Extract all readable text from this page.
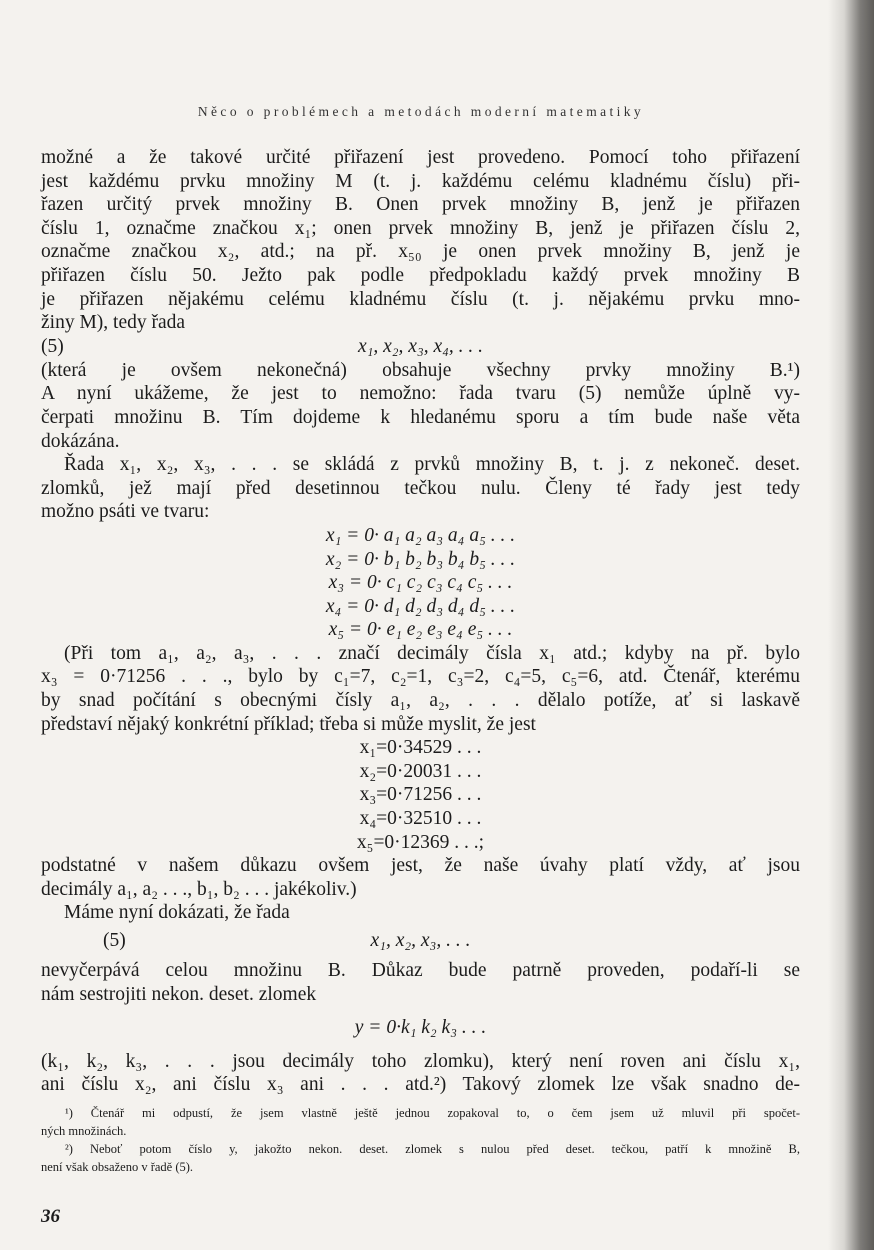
Něco o problémech a metodách moderní matematiky
možné a že takové určité přiřazení jest provedeno. Pomocí toho přiřazení
jest každému prvku množiny M (t. j. každému celému kladnému číslu) při-
řazen určitý prvek množiny B. Onen prvek množiny B, jenž je přiřazen
číslu 1, označme značkou x₁; onen prvek množiny B, jenž je přiřazen číslu 2,
označme značkou x₂, atd.; na př. x₅₀ je onen prvek množiny B, jenž je
přiřazen číslu 50. Ježto pak podle předpokladu každý prvek množiny B
je přiřazen nějakému celému kladnému číslu (t. j. nějakému prvku mno-
žiny M), tedy řada
(5)	x₁, x₂, x₃, x₄, . . .
(která je ovšem nekonečná) obsahuje všechny prvky množiny B.¹)
A nyní ukážeme, že jest to nemožno: řada tvaru (5) nemůže úplně vy-
čerpati množinu B. Tím dojdeme k hledanému sporu a tím bude naše věta
dokázána.
Řada x₁, x₂, x₃, . . . se skládá z prvků množiny B, t. j. z nekoneč. deset.
zlomků, jež mají před desetinnou tečkou nulu. Členy té řady jest tedy
možno psáti ve tvaru:
x₁ = 0· a₁ a₂ a₃ a₄ a₅ . . .
x₂ = 0· b₁ b₂ b₃ b₄ b₅ . . .
x₃ = 0· c₁ c₂ c₃ c₄ c₅ . . .
x₄ = 0· d₁ d₂ d₃ d₄ d₅ . . .
x₅ = 0· e₁ e₂ e₃ e₄ e₅ . . .
(Při tom a₁, a₂, a₃, . . . značí decimály čísla x₁ atd.; kdyby na př. bylo
x₃ = 0·71256 . . ., bylo by c₁=7, c₂=1, c₃=2, c₄=5, c₅=6, atd. Čtenář, kterému
by snad počítání s obecnými čísly a₁, a₂, . . . dělalo potíže, ať si laskavě
představí nějaký konkrétní příklad; třeba si může myslit, že jest
x₁=0·34529 . . .
x₂=0·20031 . . .
x₃=0·71256 . . .
x₄=0·32510 . . .
x₅=0·12369 . . .;
podstatné v našem důkazu ovšem jest, že naše úvahy platí vždy, ať jsou
decimály a₁, a₂ . . ., b₁, b₂ . . . jakékoliv.)
Máme nyní dokázati, že řada
(5)	x₁, x₂, x₃, . . .
nevyčerpává celou množinu B. Důkaz bude patrně proveden, podaří-li se
nám sestrojiti nekon. deset. zlomek
y = 0·k₁ k₂ k₃ . . .
(k₁, k₂, k₃, . . . jsou decimály toho zlomku), který není roven ani číslu x₁,
ani číslu x₂, ani číslu x₃ ani . . . atd.²) Takový zlomek lze však snadno de-
¹) Čtenář mi odpustí, že jsem vlastně ještě jednou zopakoval to, o čem jsem už mluvil při spočet-
ných množinách.
²) Neboť potom číslo y, jakožto nekon. deset. zlomek s nulou před deset. tečkou, patří k množině B,
není však obsaženo v řadě (5).
36
